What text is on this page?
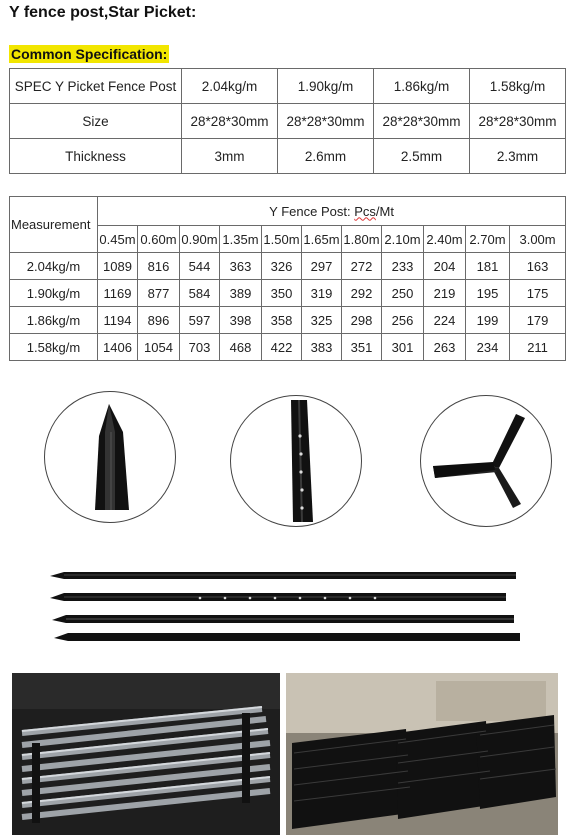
Y fence post,Star Picket:
Common Specification:
SPEC Y Picket Fence Post	2.04kg/m	1.90kg/m	1.86kg/m	1.58kg/m
Size	28*28*30mm	28*28*30mm	28*28*30mm	28*28*30mm
Thickness	3mm	2.6mm	2.5mm	2.3mm
Measurement	Y Fence Post: Pcs/Mt										
	0.45m	0.60m	0.90m	1.35m	1.50m	1.65m	1.80m	2.10m	2.40m	2.70m	3.00m
2.04kg/m	1089	816	544	363	326	297	272	233	204	181	163
1.90kg/m	1169	877	584	389	350	319	292	250	219	195	175
1.86kg/m	1194	896	597	398	358	325	298	256	224	199	179
1.58kg/m	1406	1054	703	468	422	383	351	301	263	234	211
